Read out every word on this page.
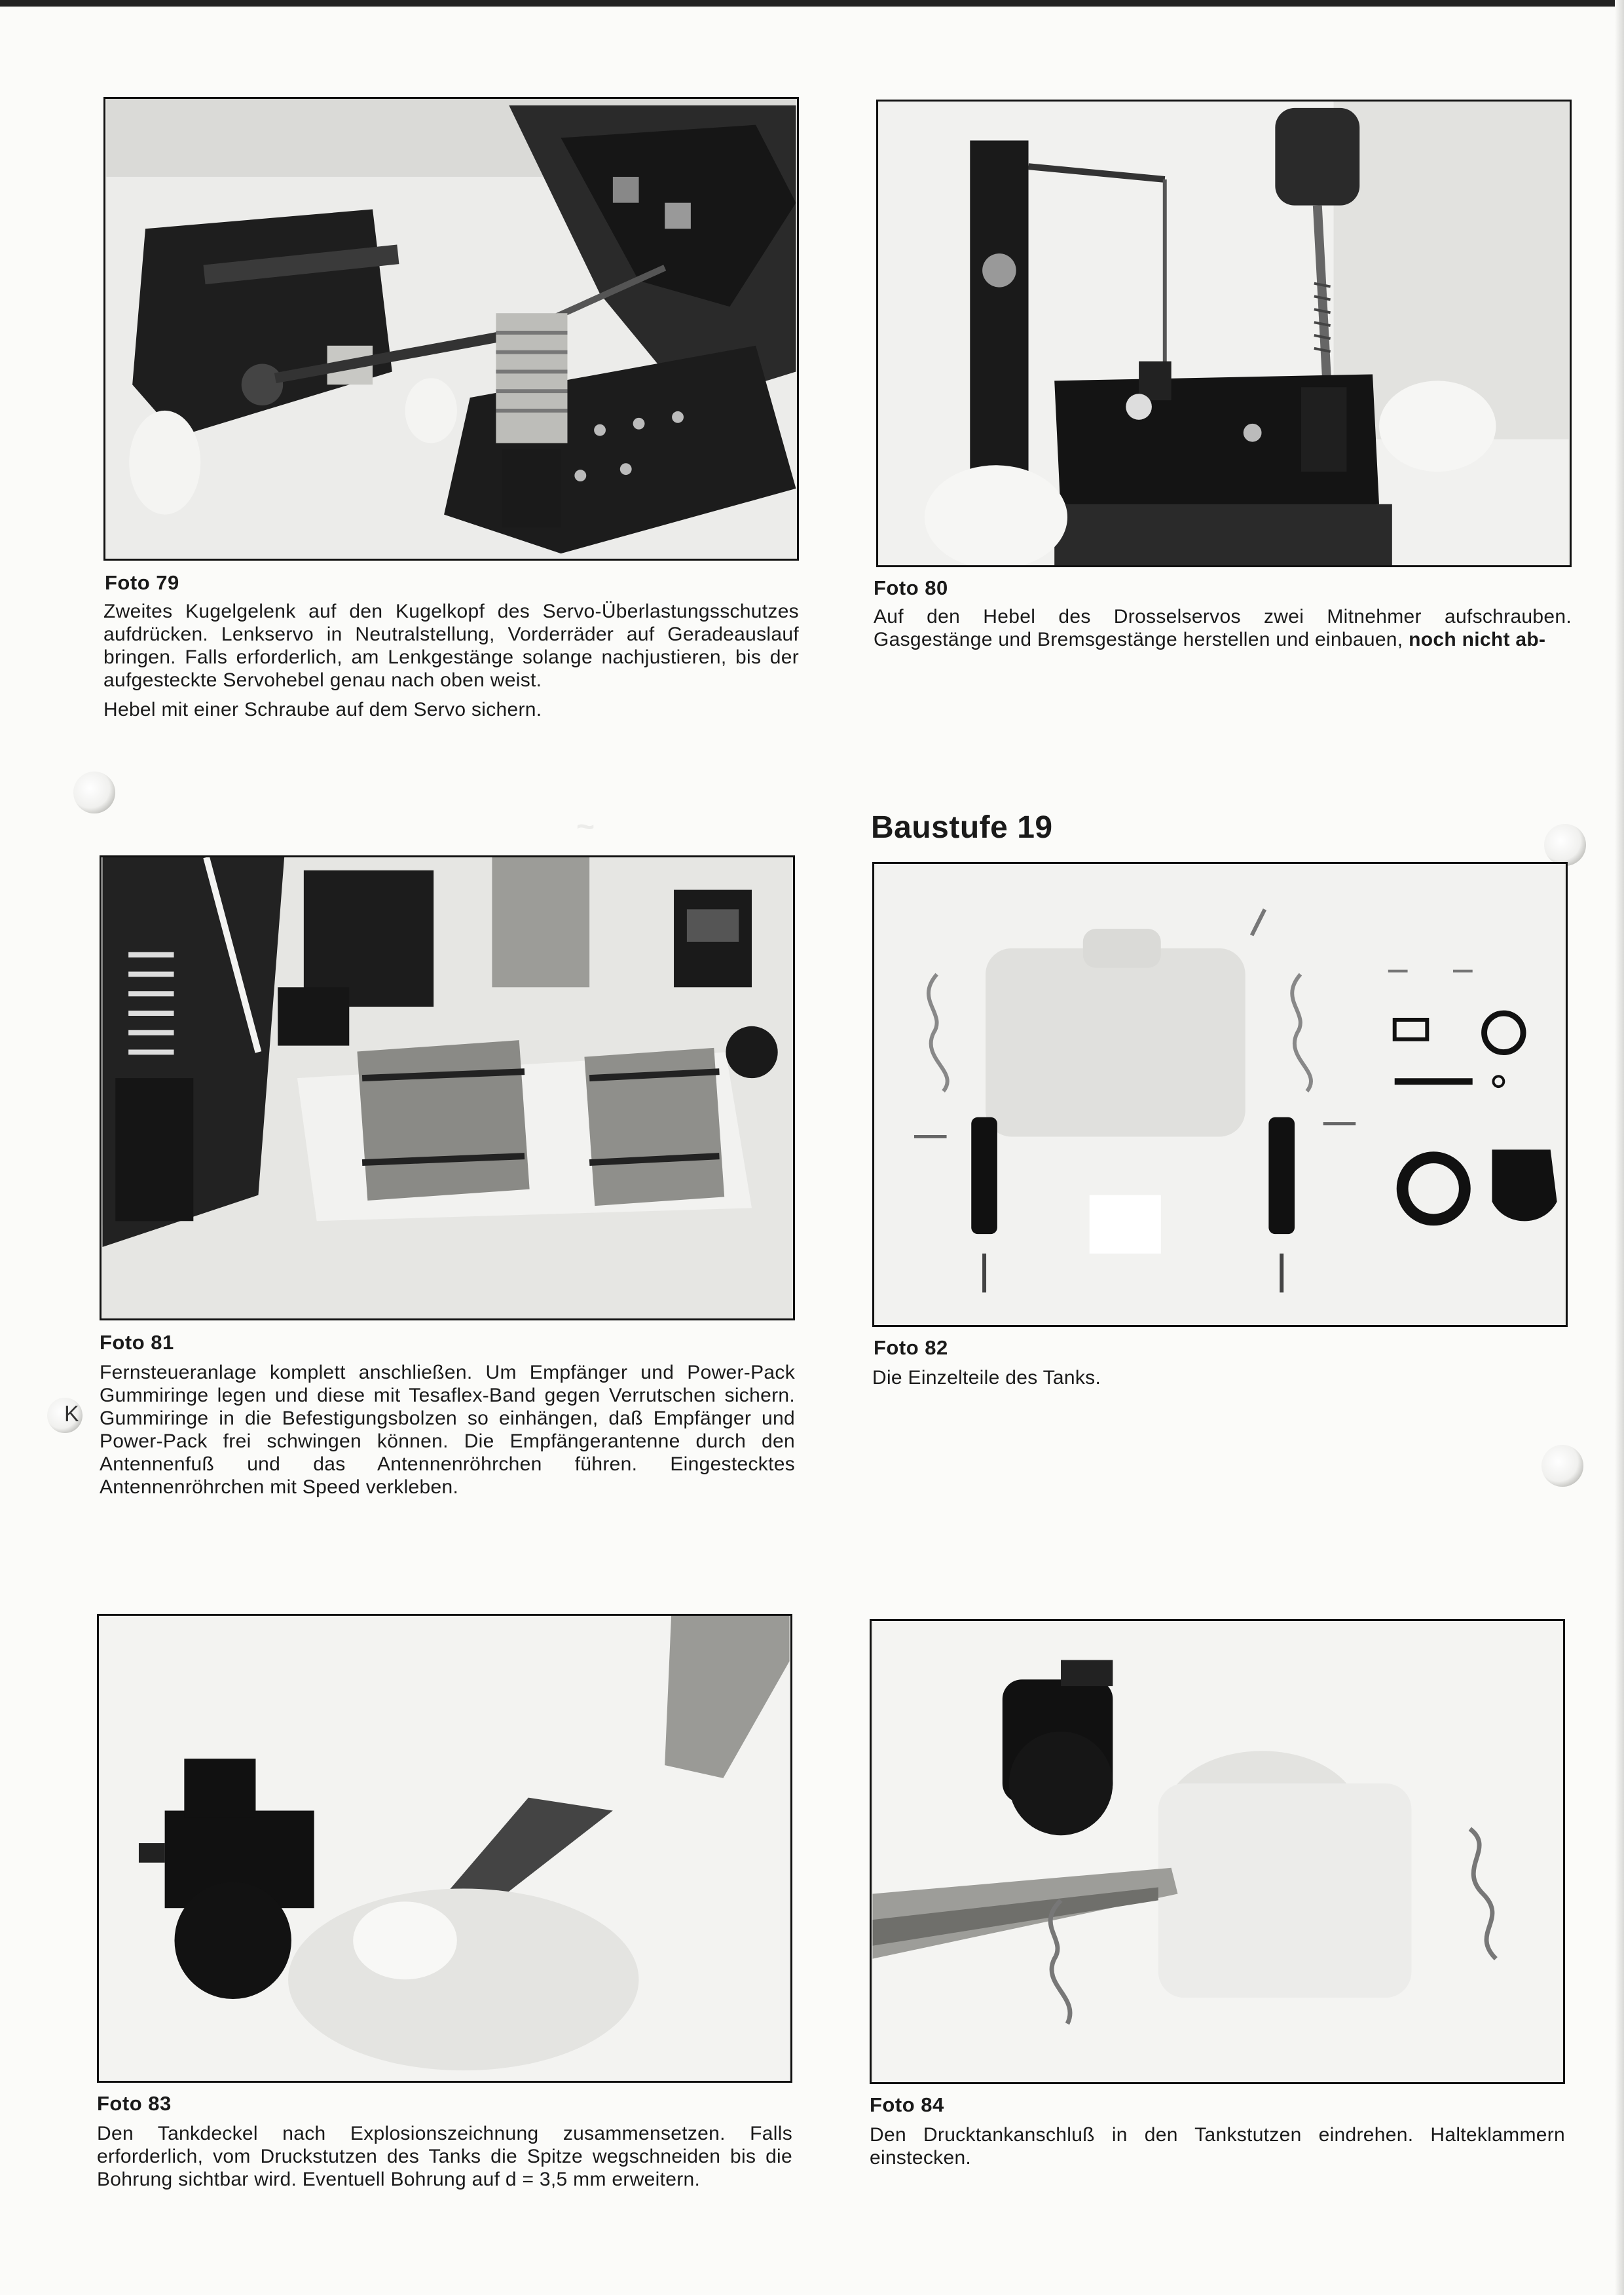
~
K
Foto 79

Zweites Kugelgelenk auf den Kugelkopf des Servo-Überlastungsschutzes aufdrücken. Lenkservo in Neutralstellung, Vorderräder auf Geradeauslauf bringen. Falls erforderlich, am Lenkgestänge solange nachjustieren, bis der aufgesteckte Servohebel genau nach oben weist.

Hebel mit einer Schraube auf dem Servo sichern.

Foto 80

Auf den Hebel des Drosselservos zwei Mitnehmer aufschrauben. Gasgestänge und Bremsgestänge herstellen und einbauen, noch nicht ab-

Baustufe 19
Foto 81

Fernsteueranlage komplett anschließen. Um Empfänger und Power-Pack Gummiringe legen und diese mit Tesaflex-Band gegen Verrutschen sichern. Gummiringe in die Befestigungsbolzen so einhängen, daß Empfänger und Power-Pack frei schwingen können. Die Empfängerantenne durch den Antennenfuß und das Antennenröhrchen führen. Eingestecktes Antennenröhrchen mit Speed verkleben.

Foto 82

Die Einzelteile des Tanks.

Foto 83

Den Tankdeckel nach Explosionszeichnung zusammensetzen. Falls erforderlich, vom Druckstutzen des Tanks die Spitze wegschneiden bis die Bohrung sichtbar wird. Eventuell Bohrung auf d = 3,5 mm erweitern.

Foto 84

Den Drucktankanschluß in den Tankstutzen eindrehen. Halteklammern einstecken.
